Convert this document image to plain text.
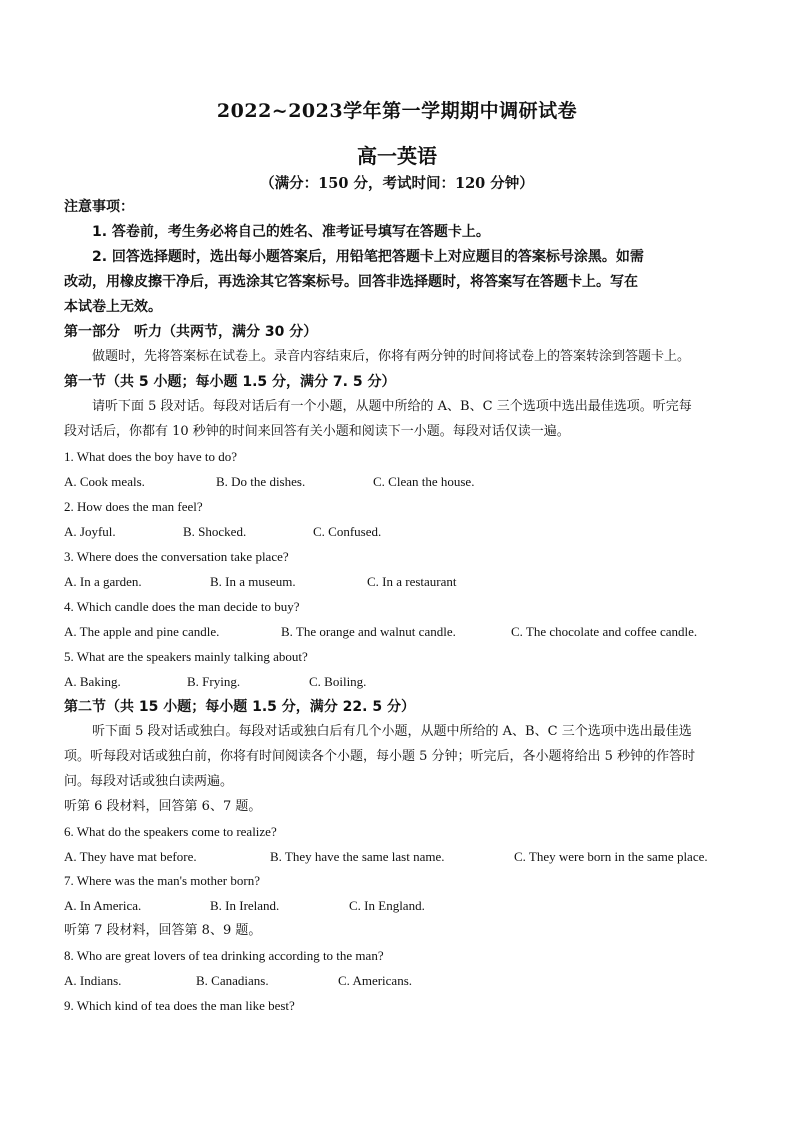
2022~2023学年第一学期期中调研试卷
高一英语
（满分：150 分，考试时间：120 分钟）
注意事项：
1. 答卷前，考生务必将自己的姓名、准考证号填写在答题卡上。
2. 回答选择题时，选出每小题答案后，用铅笔把答题卡上对应题目的答案标号涂黑。如需
改动，用橡皮擦干净后，再选涂其它答案标号。回答非选择题时，将答案写在答题卡上。写在
本试卷上无效。
第一部分 听力（共两节，满分 30 分）
做题时，先将答案标在试卷上。录音内容结束后，你将有两分钟的时间将试卷上的答案转涂到答题卡上。
第一节（共 5 小题；每小题 1.5 分，满分 7. 5 分）
请听下面 5 段对话。每段对话后有一个小题，从题中所给的 A、B、C 三个选项中选出最佳选项。听完每
段对话后，你都有 10 秒钟的时间来回答有关小题和阅读下一小题。每段对话仅读一遍。
1. What does the boy have to do?
A. Cook meals.	B. Do the dishes.	C. Clean the house.
2. How does the man feel?
A. Joyful.	B. Shocked.	C. Confused.
3. Where does the conversation take place?
A. In a garden.	B. In a museum.	C. In a restaurant
4. Which candle does the man decide to buy?
A. The apple and pine candle.	B. The orange and walnut candle.	C. The chocolate and coffee candle.
5. What are the speakers mainly talking about?
A. Baking.	B. Frying.	C. Boiling.
第二节（共 15 小题；每小题 1.5 分，满分 22. 5 分）
听下面 5 段对话或独白。每段对话或独白后有几个小题，从题中所给的 A、B、C 三个选项中选出最佳选
项。听每段对话或独白前，你将有时间阅读各个小题，每小题 5 分钟；听完后，各小题将给出 5 秒钟的作答时
问。每段对话或独白读两遍。
听第 6 段材料，回答第 6、7 题。
6. What do the speakers come to realize?
A. They have mat before.	B. They have the same last name.	C. They were born in the same place.
7. Where was the man's mother born?
A. In America.	B. In Ireland.	C. In England.
听第 7 段材料，回答第 8、9 题。
8. Who are great lovers of tea drinking according to the man?
A. Indians.	B. Canadians.	C. Americans.
9. Which kind of tea does the man like best?
